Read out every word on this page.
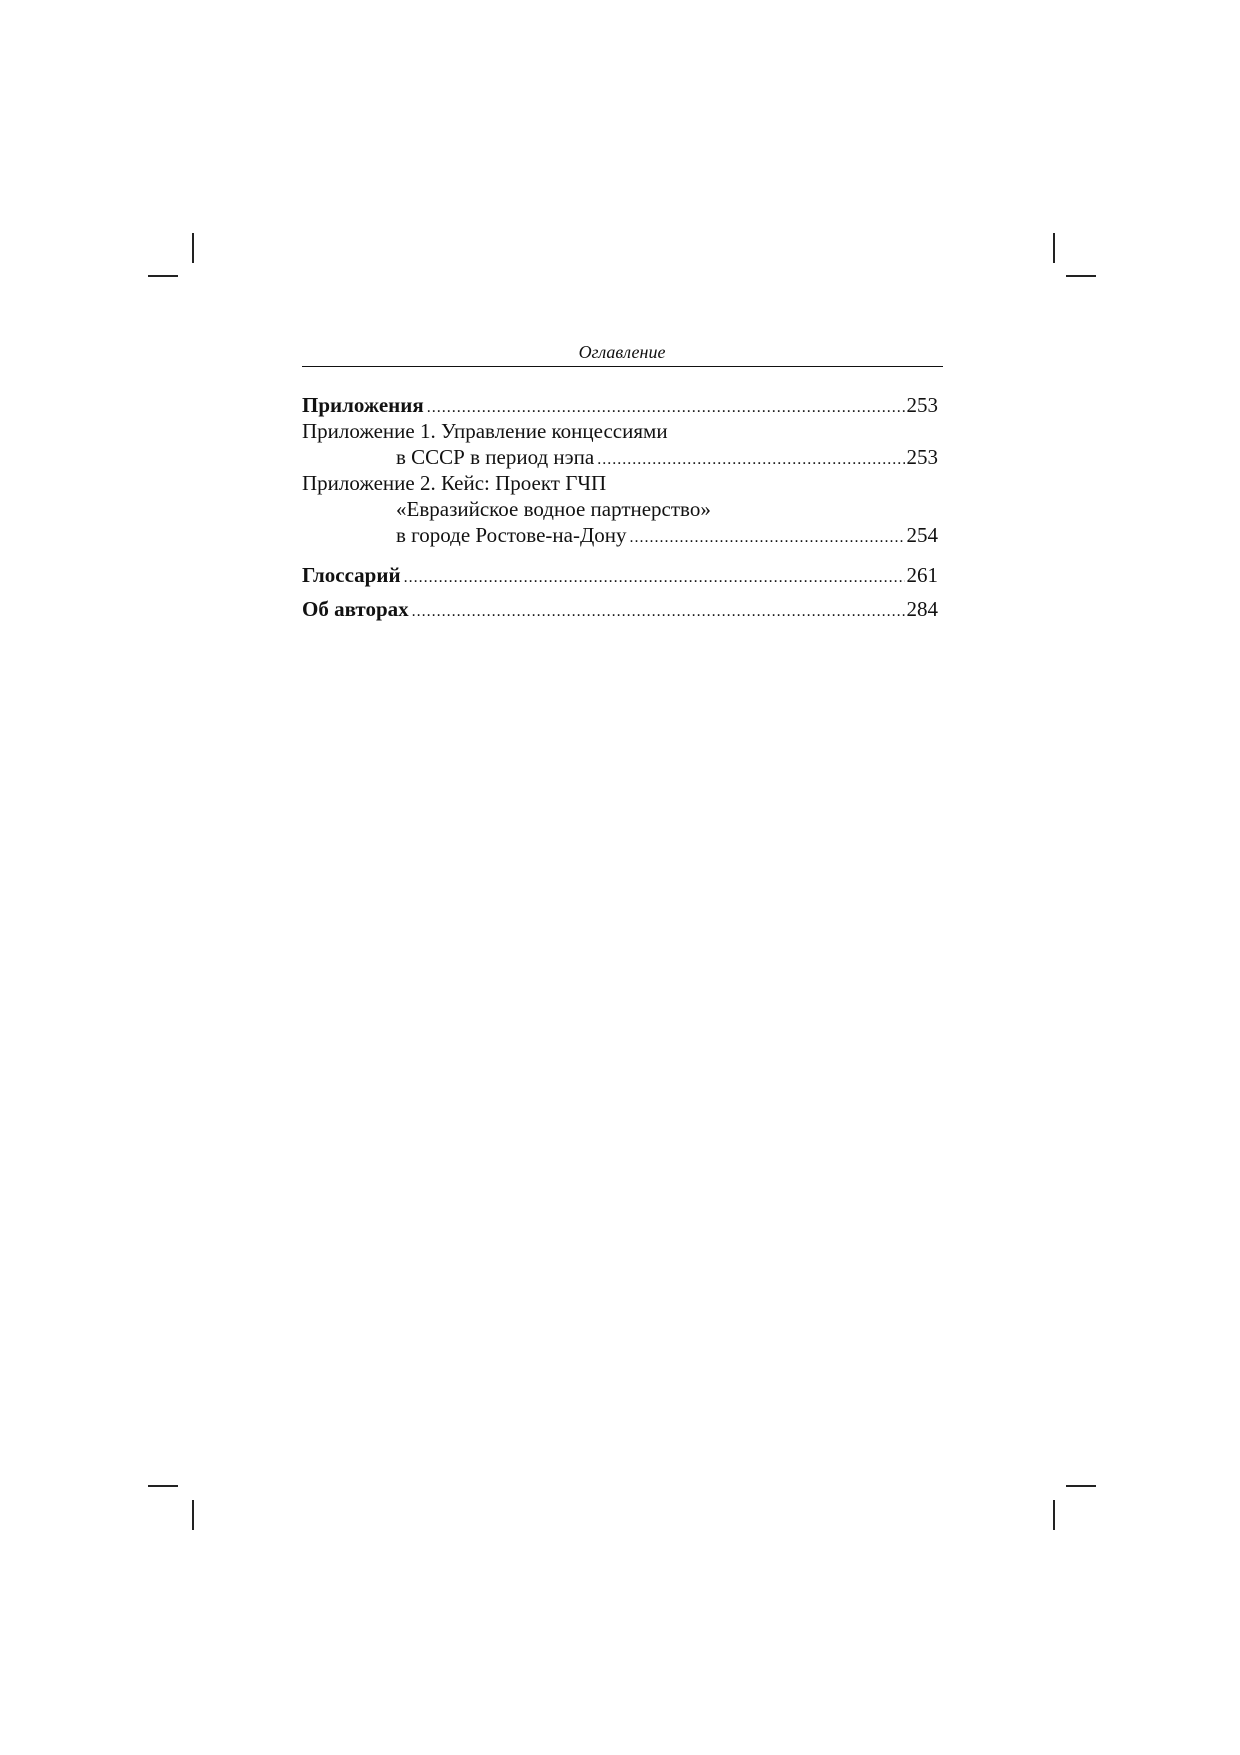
Оглавление
Приложения .....	253
Приложение 1. Управление концессиями
в СССР в период нэпа .....	253
Приложение 2. Кейс: Проект ГЧП
«Евразийское водное партнерство»
в городе Ростове-на-Дону .....	254
Глоссарий .....	261
Об авторах .....	284
